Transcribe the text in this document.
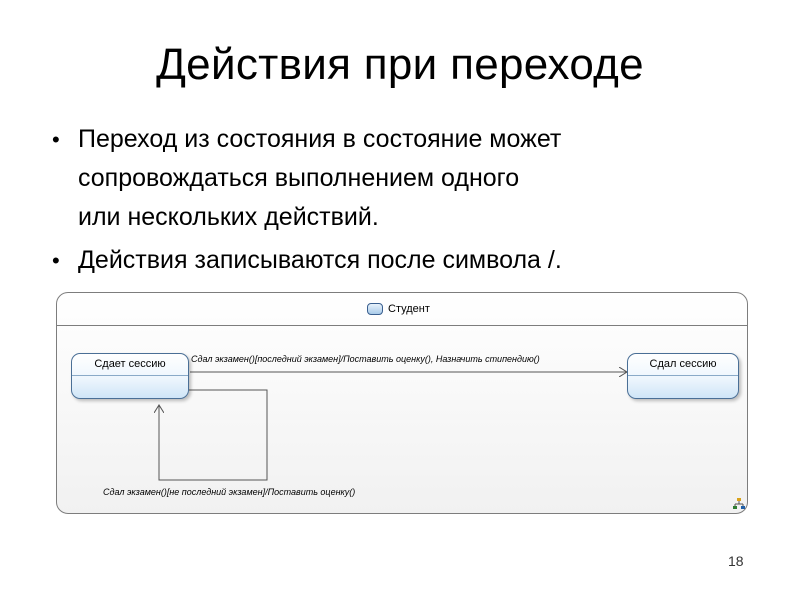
Действия при переходе
• Переход из состояния в состояние может
сопровождаться выполнением одного
или нескольких действий.
• Действия записываются после символа /.
Студент
Сдает сессию	Сдал сессию
Сдал экзамен()[последний экзамен]/Поставить оценку(), Назначить стипендию()
Сдал экзамен()[не последний экзамен]/Поставить оценку()
18
